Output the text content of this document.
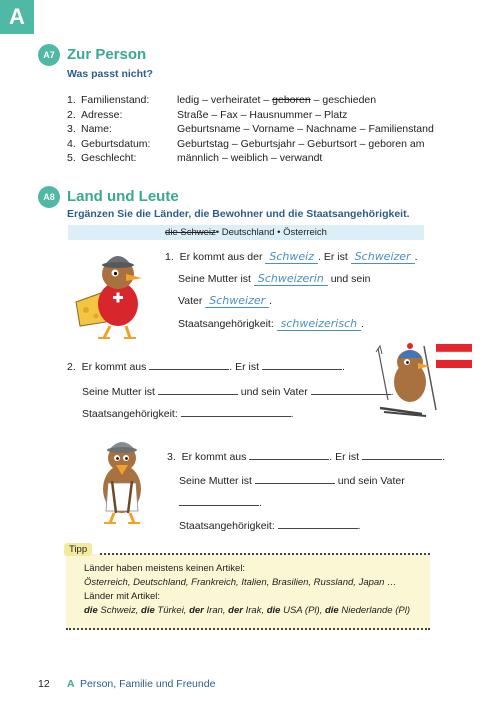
A
A7 Zur Person
Was passt nicht?
1. Familienstand:	ledig – verheiratet – geboren – geschieden
2. Adresse:	Straße – Fax – Hausnummer – Platz
3. Name:	Geburtsname – Vorname – Nachname – Familienstand
4. Geburtsdatum:	Geburtstag – Geburtsjahr – Geburtsort – geboren am
5. Geschlecht:	männlich – weiblich – verwandt
A8 Land und Leute
Ergänzen Sie die Länder, die Bewohner und die Staatsangehörigkeit.
die Schweiz • Deutschland • Österreich
1. Er kommt aus der Schweiz . Er ist Schweizer .
Seine Mutter ist Schweizerin und sein
Vater Schweizer .
Staatsangehörigkeit: schweizerisch .
2. Er kommt aus	. Er ist	.
Seine Mutter ist	und sein Vater	.
Staatsangehörigkeit:	.
3. Er kommt aus	. Er ist	.
Seine Mutter ist	und sein Vater
.
Staatsangehörigkeit:	.
Tipp
Länder haben meistens keinen Artikel:
Österreich, Deutschland, Frankreich, Italien, Brasilien, Russland, Japan …
Länder mit Artikel:
die Schweiz, die Türkei, der Iran, der Irak, die USA (Pl), die Niederlande (Pl)
12 A Person, Familie und Freunde
